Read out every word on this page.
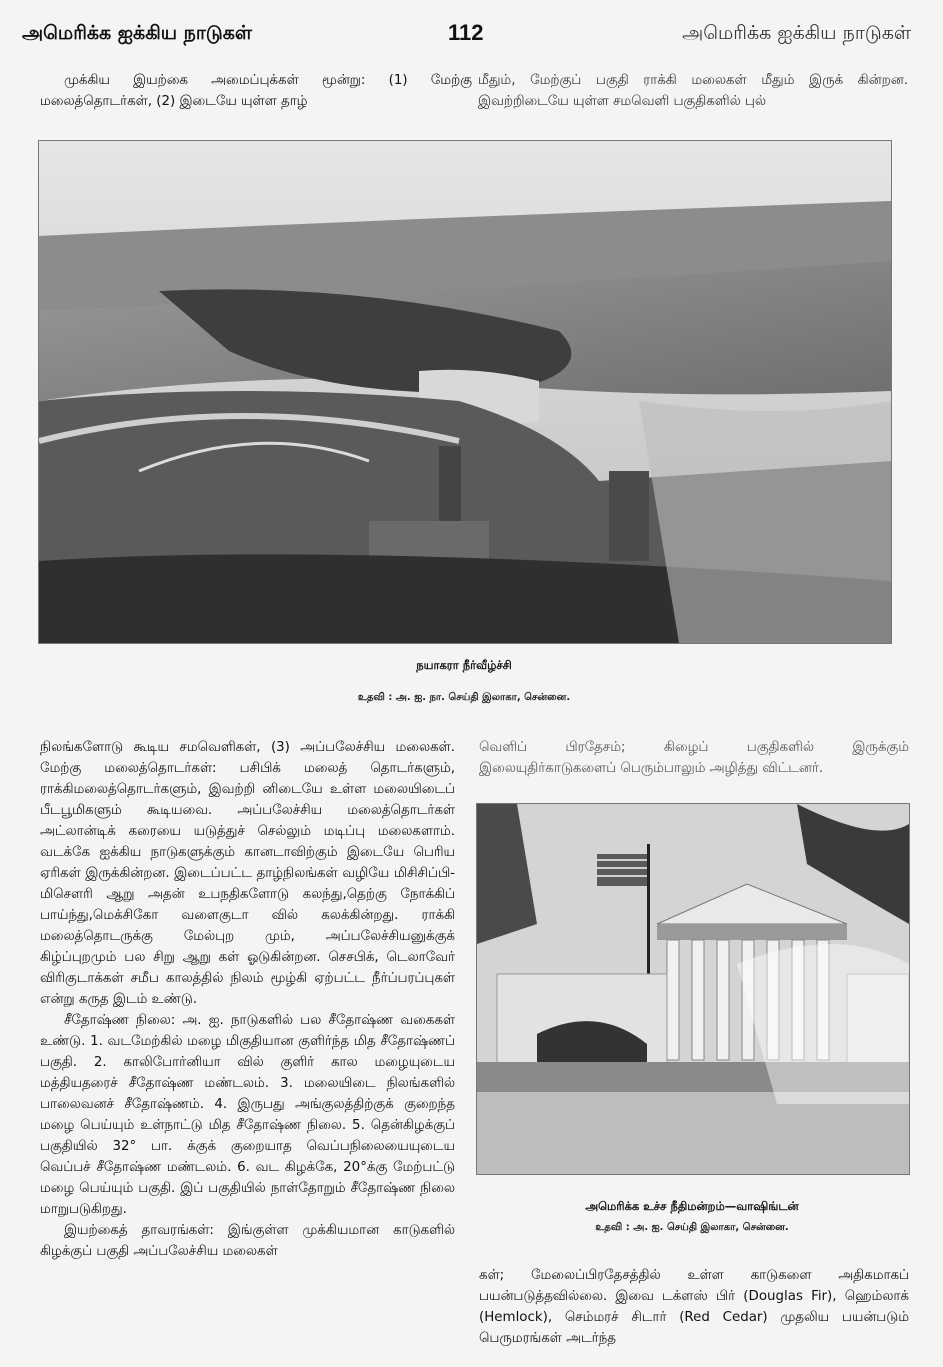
அமெரிக்க ஐக்கிய நாடுகள்	112	அமெரிக்க ஐக்கிய நாடுகள்

முக்கிய இயற்கை அமைப்புக்கள் மூன்று: (1) மேற்கு மலைத்தொடர்கள், (2) இடையே யுள்ள தாழ்

மீதும், மேற்குப் பகுதி ராக்கி மலைகள் மீதும் இருக் கின்றன. இவற்றிடையே யுள்ள சமவெளி பகுதிகளில் புல்

நயாகரா நீர்வீழ்ச்சி
உதவி : அ. ஐ. நா. செய்தி இலாகா, சென்னை.

நிலங்களோடு கூடிய சமவெளிகள், (3) அப்பலேச்சிய மலைகள். மேற்கு மலைத்தொடர்கள்: பசிபிக் மலைத் தொடர்களும், ராக்கிமலைத்தொடர்களும், இவற்றி னிடையே உள்ள மலையிடைப் பீடபூமிகளும் கூடியவை. அப்பலேச்சிய மலைத்தொடர்கள் அட்லான்டிக் கரையை யடுத்துச் செல்லும் மடிப்பு மலைகளாம். வடக்கே ஐக்கிய நாடுகளுக்கும் கானடாவிற்கும் இடையே பெரிய ஏரிகள் இருக்கின்றன. இடைப்பட்ட தாழ்நிலங்கள் வழியே மிசிசிப்பி-மிசௌரி ஆறு அதன் உபநதிகளோடு கலந்து,தெற்கு நோக்கிப் பாய்ந்து,மெக்சிகோ வளைகுடா வில் கலக்கின்றது. ராக்கி மலைத்தொடருக்கு மேல்புற மும், அப்பலேச்சியனுக்குக் கிழ்ப்புறமும் பல சிறு ஆறு கள் ஓடுகின்றன. செசபிக், டெலாவேர் விரிகுடாக்கள் சமீப காலத்தில் நிலம் மூழ்கி ஏற்பட்ட நீர்ப்பரப்புகள் என்று கருத இடம் உண்டு.

சீதோஷ்ண நிலை: அ. ஐ. நாடுகளில் பல சீதோஷ்ண வகைகள் உண்டு. 1. வடமேற்கில் மழை மிகுதியான குளிர்ந்த மித சீதோஷ்ணப் பகுதி. 2. காலிபோர்னியா வில் குளிர் கால மழையுடைய மத்தியதரைச் சீதோஷ்ண மண்டலம். 3. மலையிடை நிலங்களில் பாலைவனச் சீதோஷ்ணம். 4. இருபது அங்குலத்திற்குக் குறைந்த மழை பெய்யும் உள்நாட்டு மித சீதோஷ்ண நிலை. 5. தென்கிழக்குப் பகுதியில் 32° பா. க்குக் குறையாத வெப்பநிலையையுடைய வெப்பச் சீதோஷ்ண மண்டலம். 6. வட கிழக்கே, 20°க்கு மேற்பட்டு மழை பெய்யும் பகுதி. இப் பகுதியில் நாள்தோறும் சீதோஷ்ண நிலை மாறுபடுகிறது.

இயற்கைத் தாவரங்கள்: இங்குள்ள முக்கியமான காடுகளில் கிழக்குப் பகுதி அப்பலேச்சிய மலைகள்

வெளிப் பிரதேசம்; கிழைப் பகுதிகளில் இருக்கும் இலையுதிர்காடுகளைப் பெரும்பாலும் அழித்து விட்டனர்.

அமெரிக்க உச்ச நீதிமன்றம்—வாஷிங்டன்
உதவி : அ. ஐ. செய்தி இலாகா, சென்னை.

கள்; மேலைப்பிரதேசத்தில் உள்ள காடுகளை அதிகமாகப் பயன்படுத்தவில்லை. இவை டக்ளஸ் பிர் (Douglas Fir), ஹெம்லாக் (Hemlock), செம்மரச் சிடார் (Red Cedar) முதலிய பயன்படும் பெருமரங்கள் அடர்ந்த
